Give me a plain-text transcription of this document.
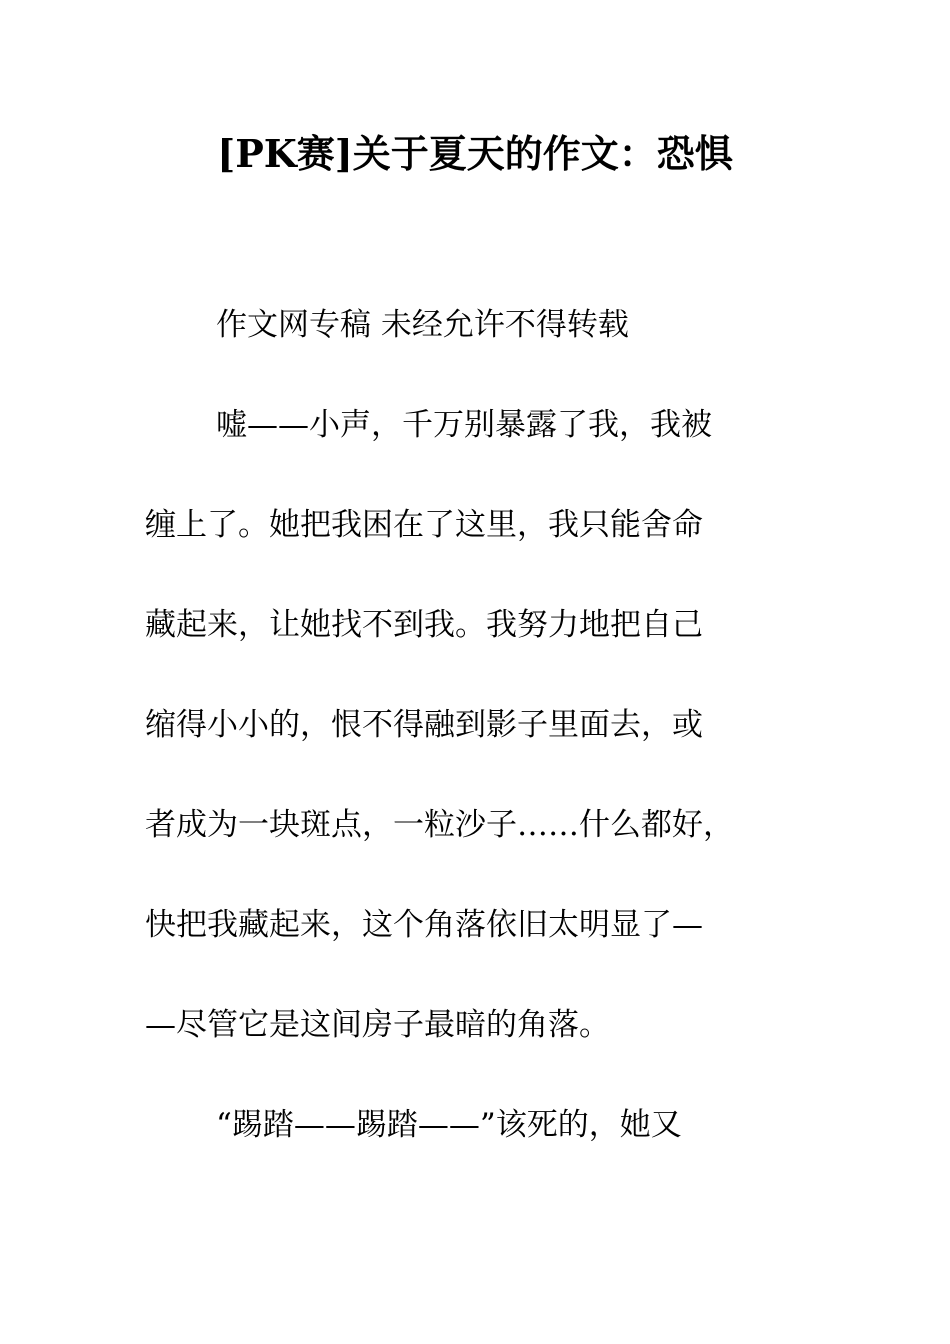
[PK赛]关于夏天的作文：恐惧
作文网专稿 未经允许不得转载
嘘——小声，千万别暴露了我，我被
缠上了。她把我困在了这里，我只能舍命
藏起来，让她找不到我。我努力地把自己
缩得小小的，恨不得融到影子里面去，或
者成为一块斑点，一粒沙子……什么都好，
快把我藏起来，这个角落依旧太明显了—
—尽管它是这间房子最暗的角落。
“踢踏——踢踏——”该死的，她又
